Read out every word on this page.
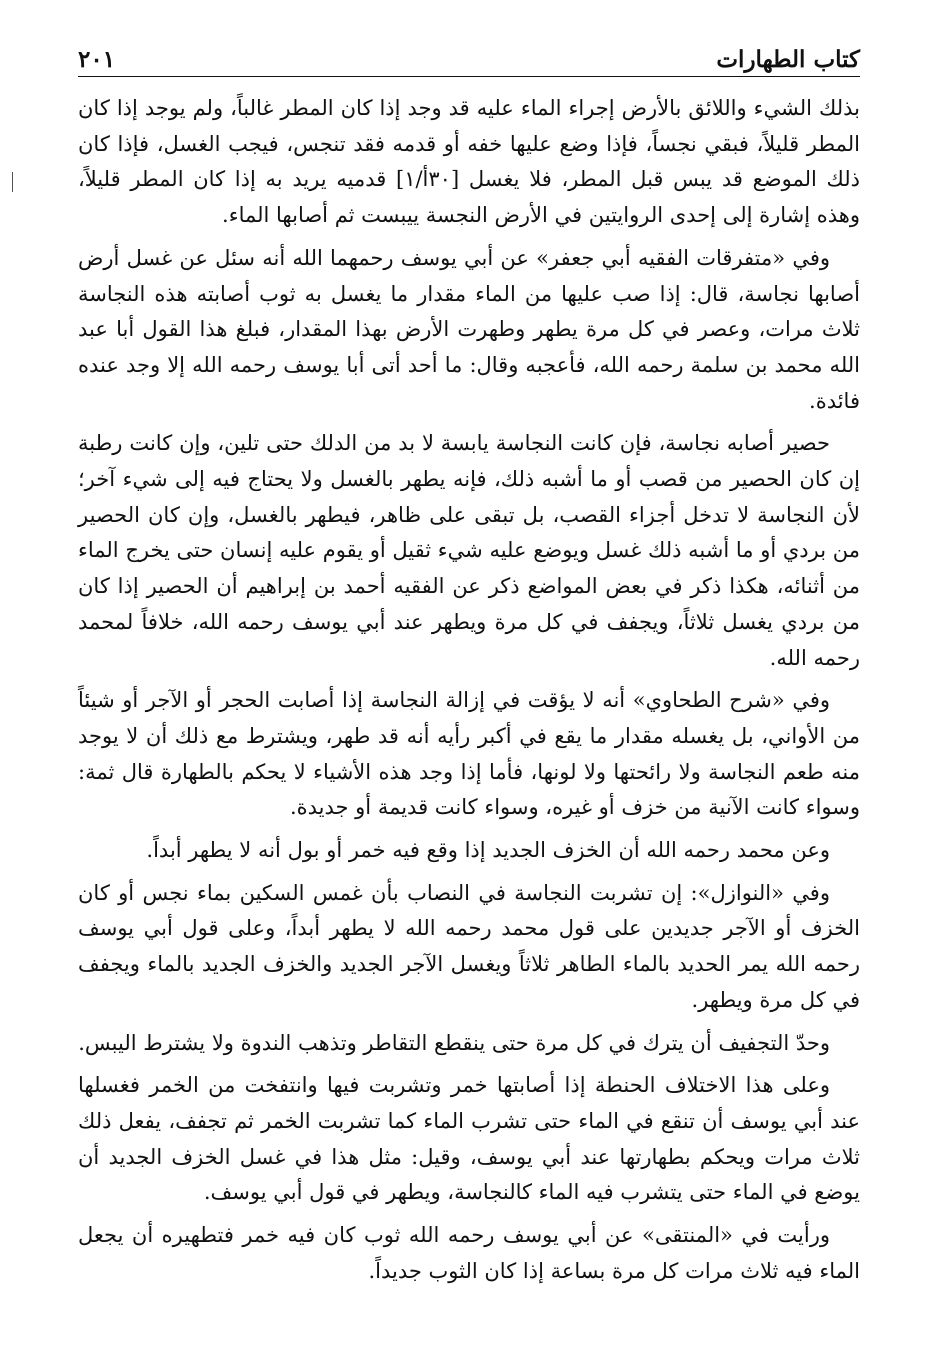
كتاب الطهارات
٢٠١

بذلك الشيء واللائق بالأرض إجراء الماء عليه قد وجد إذا كان المطر غالباً، ولم يوجد إذا كان المطر قليلاً، فبقي نجساً، فإذا وضع عليها خفه أو قدمه فقد تنجس، فيجب الغسل، فإذا كان ذلك الموضع قد يبس قبل المطر، فلا يغسل [٣٠أ/١] قدميه يريد به إذا كان المطر قليلاً، وهذه إشارة إلى إحدى الروايتين في الأرض النجسة ييبست ثم أصابها الماء.

وفي «متفرقات الفقيه أبي جعفر» عن أبي يوسف رحمهما الله أنه سئل عن غسل أرض أصابها نجاسة، قال: إذا صب عليها من الماء مقدار ما يغسل به ثوب أصابته هذه النجاسة ثلاث مرات، وعصر في كل مرة يطهر وطهرت الأرض بهذا المقدار، فبلغ هذا القول أبا عبد الله محمد بن سلمة رحمه الله، فأعجبه وقال: ما أحد أتى أبا يوسف رحمه الله إلا وجد عنده فائدة.

حصير أصابه نجاسة، فإن كانت النجاسة يابسة لا بد من الدلك حتى تلين، وإن كانت رطبة إن كان الحصير من قصب أو ما أشبه ذلك، فإنه يطهر بالغسل ولا يحتاج فيه إلى شيء آخر؛ لأن النجاسة لا تدخل أجزاء القصب، بل تبقى على ظاهر، فيطهر بالغسل، وإن كان الحصير من بردي أو ما أشبه ذلك غسل ويوضع عليه شيء ثقيل أو يقوم عليه إنسان حتى يخرج الماء من أثنائه، هكذا ذكر في بعض المواضع ذكر عن الفقيه أحمد بن إبراهيم أن الحصير إذا كان من بردي يغسل ثلاثاً، ويجفف في كل مرة ويطهر عند أبي يوسف رحمه الله، خلافاً لمحمد رحمه الله.

وفي «شرح الطحاوي» أنه لا يؤقت في إزالة النجاسة إذا أصابت الحجر أو الآجر أو شيئاً من الأواني، بل يغسله مقدار ما يقع في أكبر رأيه أنه قد طهر، ويشترط مع ذلك أن لا يوجد منه طعم النجاسة ولا رائحتها ولا لونها، فأما إذا وجد هذه الأشياء لا يحكم بالطهارة قال ثمة: وسواء كانت الآنية من خزف أو غيره، وسواء كانت قديمة أو جديدة.

وعن محمد رحمه الله أن الخزف الجديد إذا وقع فيه خمر أو بول أنه لا يطهر أبداً.

وفي «النوازل»: إن تشربت النجاسة في النصاب بأن غمس السكين بماء نجس أو كان الخزف أو الآجر جديدين على قول محمد رحمه الله لا يطهر أبداً، وعلى قول أبي يوسف رحمه الله يمر الحديد بالماء الطاهر ثلاثاً ويغسل الآجر الجديد والخزف الجديد بالماء ويجفف في كل مرة ويطهر.

وحدّ التجفيف أن يترك في كل مرة حتى ينقطع التقاطر وتذهب الندوة ولا يشترط اليبس.

وعلى هذا الاختلاف الحنطة إذا أصابتها خمر وتشربت فيها وانتفخت من الخمر فغسلها عند أبي يوسف أن تنقع في الماء حتى تشرب الماء كما تشربت الخمر ثم تجفف، يفعل ذلك ثلاث مرات ويحكم بطهارتها عند أبي يوسف، وقيل: مثل هذا في غسل الخزف الجديد أن يوضع في الماء حتى يتشرب فيه الماء كالنجاسة، ويطهر في قول أبي يوسف.

ورأيت في «المنتقى» عن أبي يوسف رحمه الله ثوب كان فيه خمر فتطهيره أن يجعل الماء فيه ثلاث مرات كل مرة بساعة إذا كان الثوب جديداً.
